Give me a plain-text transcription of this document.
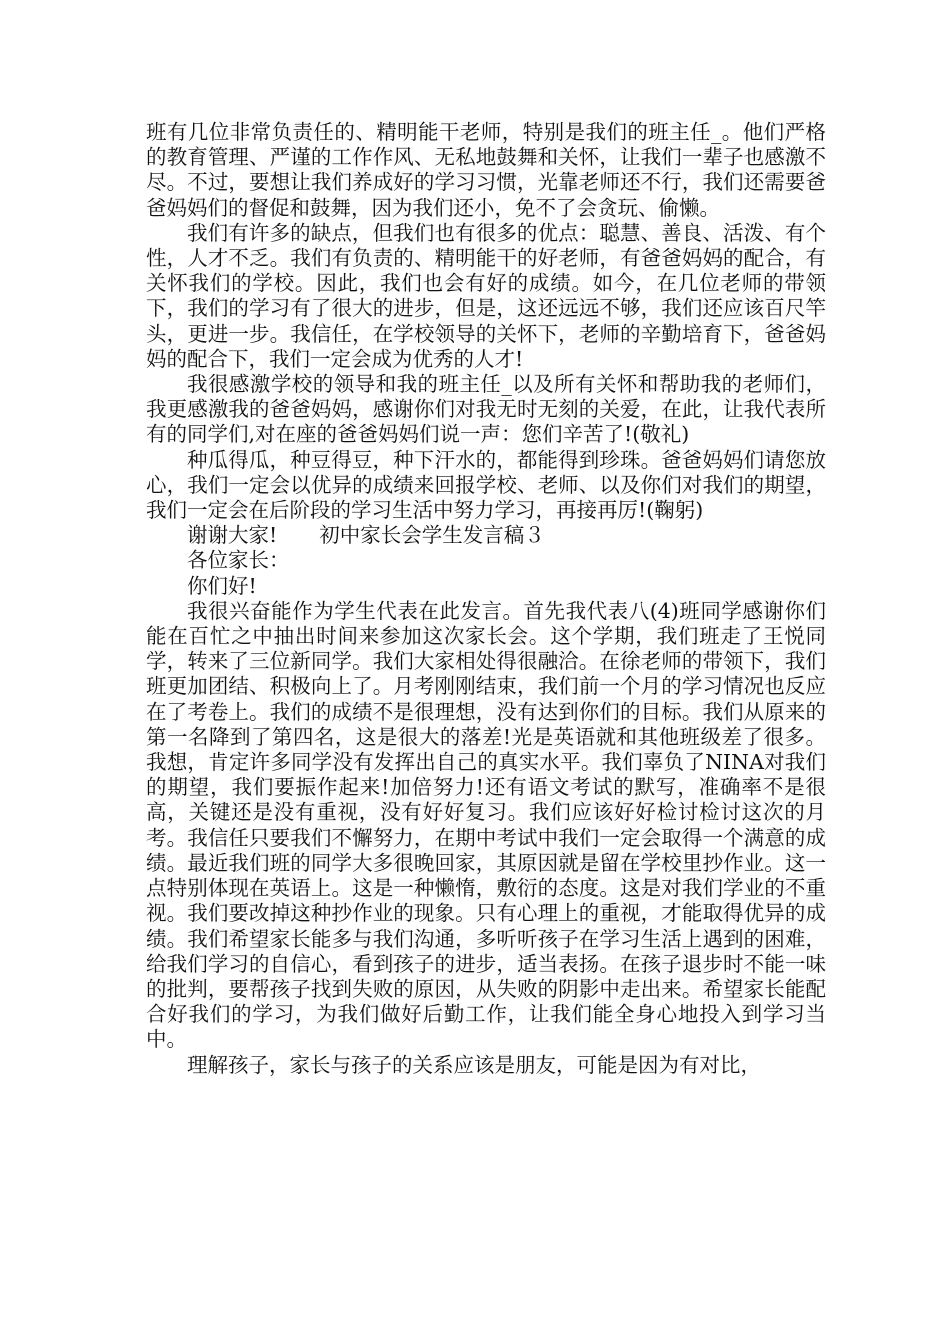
班有几位非常负责任的、精明能干老师，特别是我们的班主任_。他们严格的教育管理、严谨的工作作风、无私地鼓舞和关怀，让我们一辈子也感激不尽。不过，要想让我们养成好的学习习惯，光靠老师还不行，我们还需要爸爸妈妈们的督促和鼓舞，因为我们还小，免不了会贪玩、偷懒。

我们有许多的缺点，但我们也有很多的优点：聪慧、善良、活泼、有个性，人才不乏。我们有负责的、精明能干的好老师，有爸爸妈妈的配合，有关怀我们的学校。因此，我们也会有好的成绩。如今，在几位老师的带领下，我们的学习有了很大的进步，但是，这还远远不够，我们还应该百尺竿头，更进一步。我信任，在学校领导的关怀下，老师的辛勤培育下，爸爸妈妈的配合下，我们一定会成为优秀的人才!

我很感激学校的领导和我的班主任_以及所有关怀和帮助我的老师们，我更感激我的爸爸妈妈，感谢你们对我无时无刻的关爱，在此，让我代表所有的同学们,对在座的爸爸妈妈们说一声：您们辛苦了!(敬礼)

种瓜得瓜，种豆得豆，种下汗水的，都能得到珍珠。爸爸妈妈们请您放心，我们一定会以优异的成绩来回报学校、老师、以及你们对我们的期望，我们一定会在后阶段的学习生活中努力学习，再接再厉!(鞠躬)

谢谢大家! 初中家长会学生发言稿３

各位家长：

你们好!

我很兴奋能作为学生代表在此发言。首先我代表八(4)班同学感谢你们能在百忙之中抽出时间来参加这次家长会。这个学期，我们班走了王悦同学，转来了三位新同学。我们大家相处得很融洽。在徐老师的带领下，我们班更加团结、积极向上了。月考刚刚结束，我们前一个月的学习情况也反应在了考卷上。我们的成绩不是很理想，没有达到你们的目标。我们从原来的第一名降到了第四名，这是很大的落差!光是英语就和其他班级差了很多。我想，肯定许多同学没有发挥出自己的真实水平。我们辜负了NINA对我们的期望，我们要振作起来!加倍努力!还有语文考试的默写，准确率不是很高，关键还是没有重视，没有好好复习。我们应该好好检讨检讨这次的月考。我信任只要我们不懈努力，在期中考试中我们一定会取得一个满意的成绩。最近我们班的同学大多很晚回家，其原因就是留在学校里抄作业。这一点特别体现在英语上。这是一种懒惰，敷衍的态度。这是对我们学业的不重视。我们要改掉这种抄作业的现象。只有心理上的重视，才能取得优异的成绩。我们希望家长能多与我们沟通，多听听孩子在学习生活上遇到的困难，给我们学习的自信心，看到孩子的进步，适当表扬。在孩子退步时不能一味的批判，要帮孩子找到失败的原因，从失败的阴影中走出来。希望家长能配合好我们的学习，为我们做好后勤工作，让我们能全身心地投入到学习当中。

理解孩子，家长与孩子的关系应该是朋友，可能是因为有对比，
